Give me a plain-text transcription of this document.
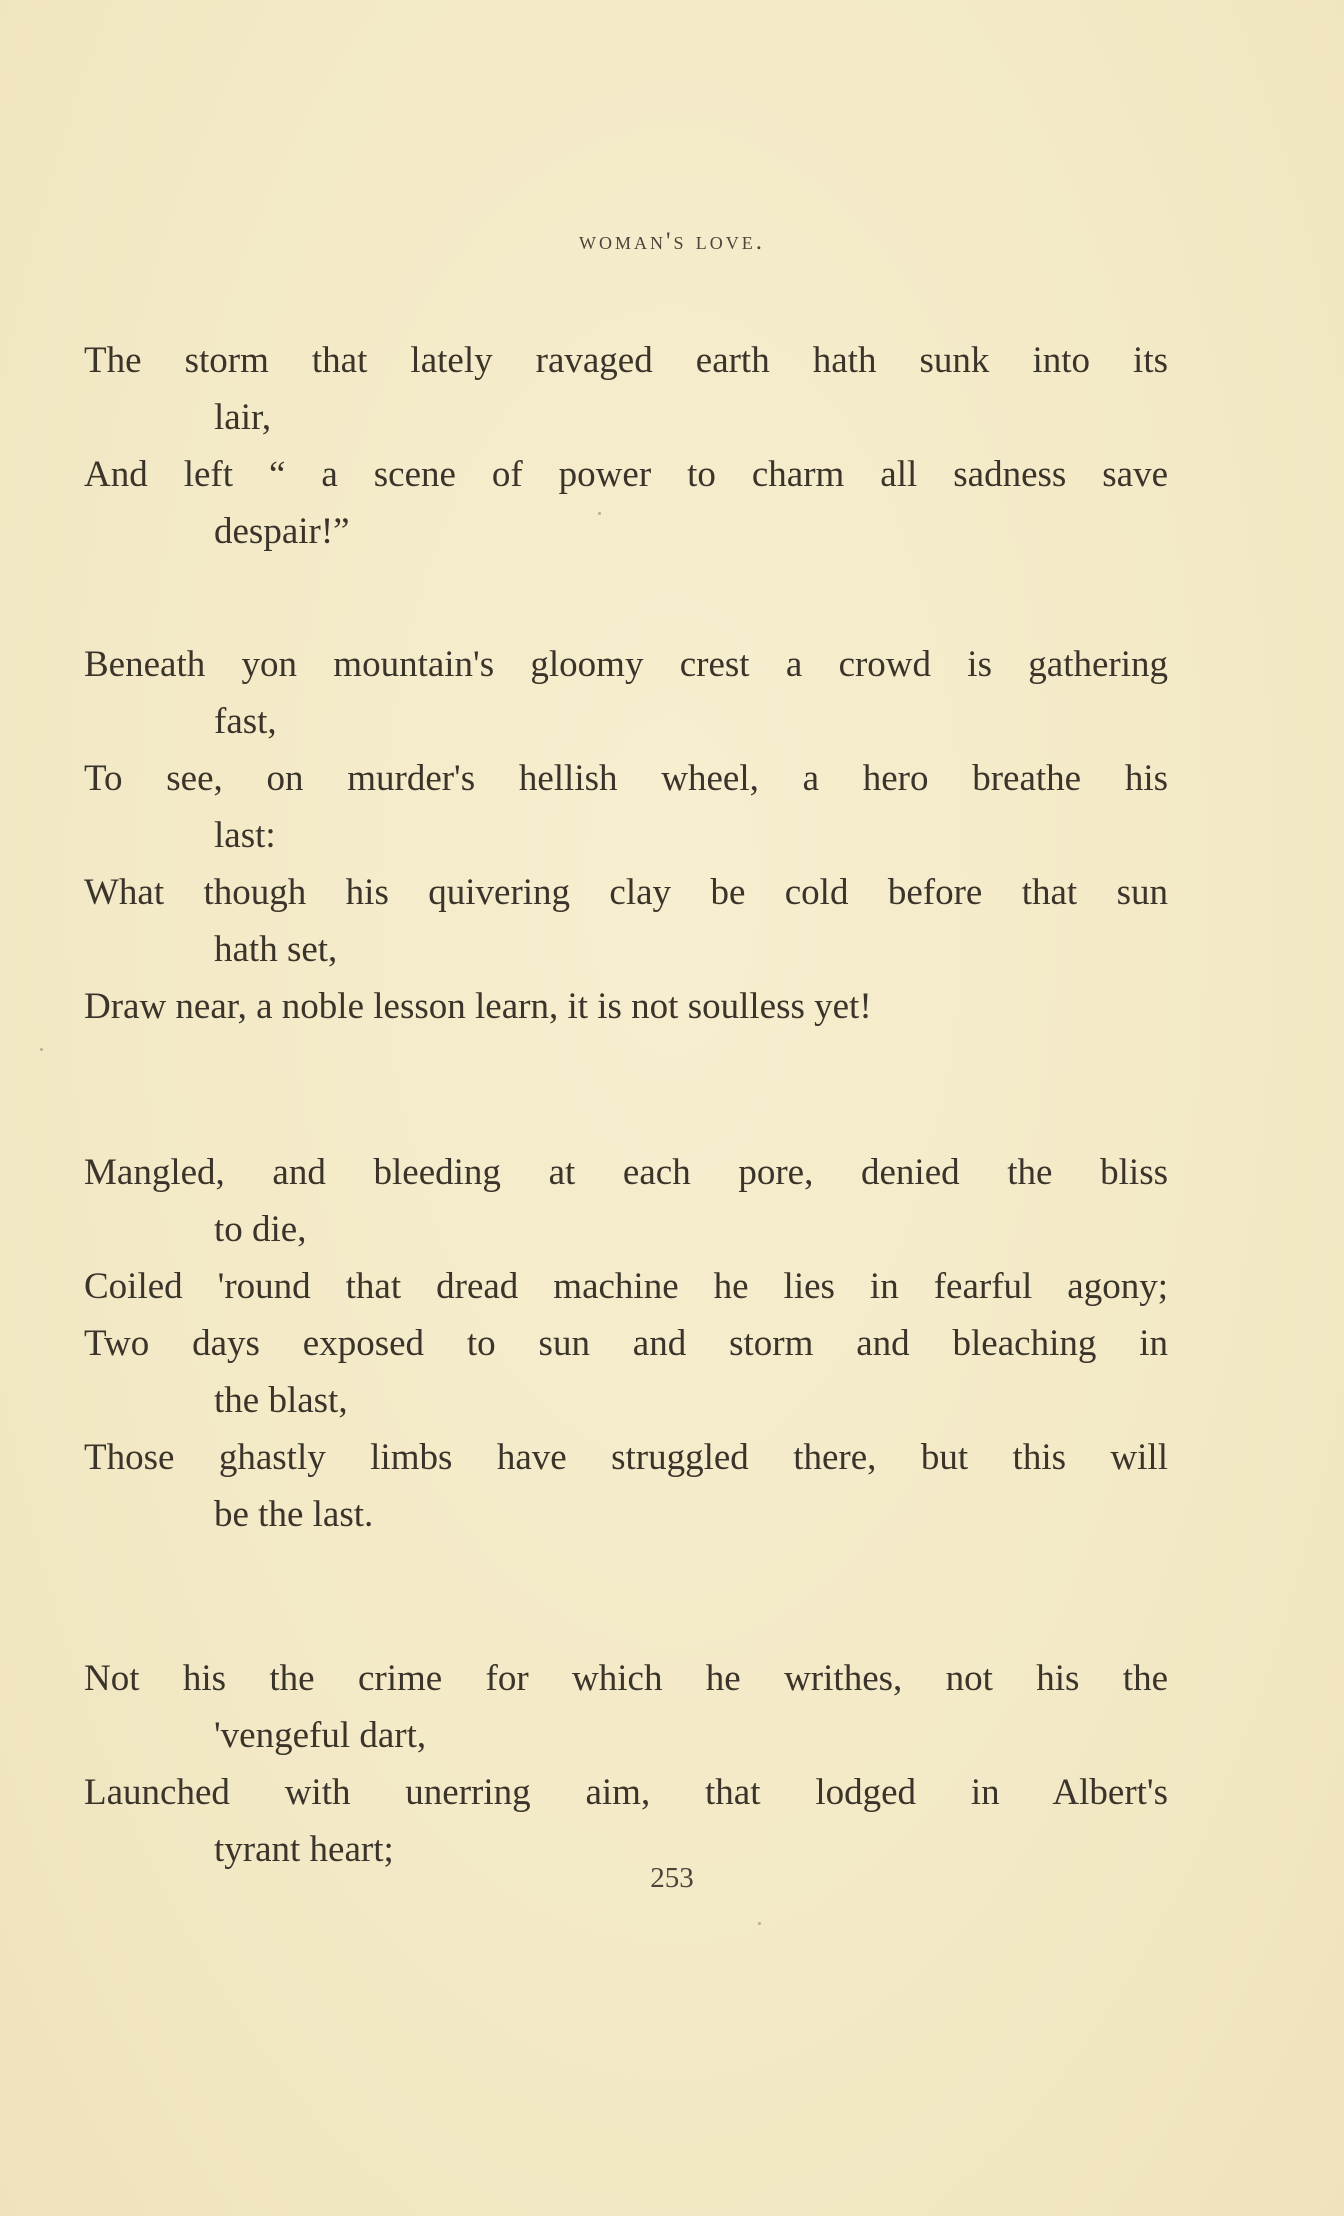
woman's love.
The storm that lately ravaged earth hath sunk into its
lair,
And left “ a scene of power to charm all sadness save
despair!”
Beneath yon mountain's gloomy crest a crowd is gathering
fast,
To see, on murder's hellish wheel, a hero breathe his
last:
What though his quivering clay be cold before that sun
hath set,
Draw near, a noble lesson learn, it is not soulless yet!
Mangled, and bleeding at each pore, denied the bliss
to die,
Coiled 'round that dread machine he lies in fearful agony;
Two days exposed to sun and storm and bleaching in
the blast,
Those ghastly limbs have struggled there, but this will
be the last.
Not his the crime for which he writhes, not his the
'vengeful dart,
Launched with unerring aim, that lodged in Albert's
tyrant heart;
253
